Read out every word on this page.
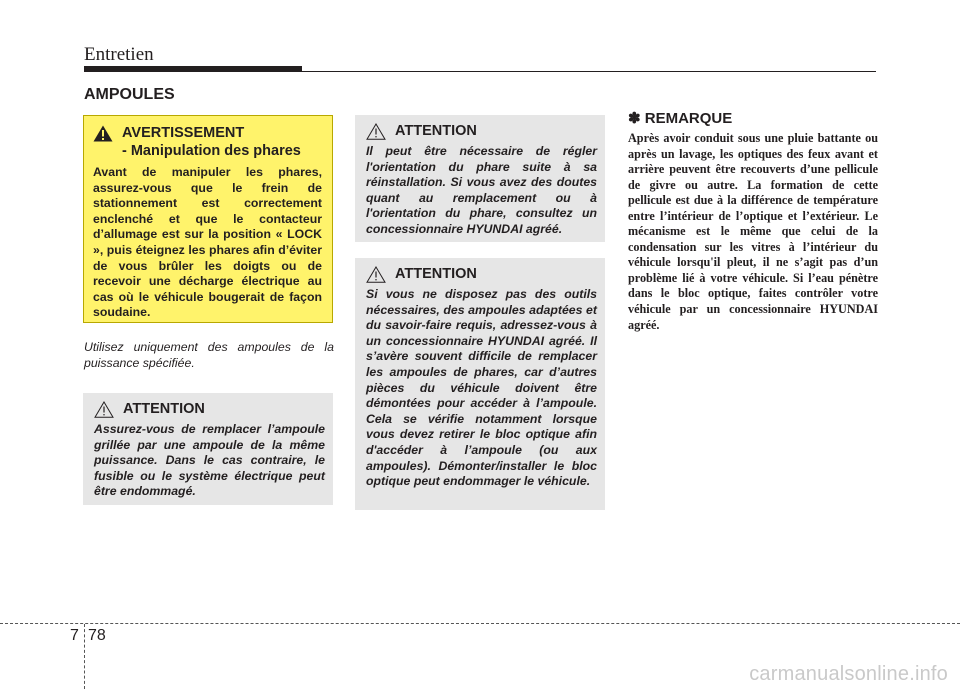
Entretien
AMPOULES
AVERTISSEMENT
- Manipulation des phares
Avant de manipuler les phares, assurez-vous que le frein de stationnement est correctement enclenché et que le contacteur d’allumage est sur la position « LOCK », puis éteignez les phares afin d’éviter de vous brûler les doigts ou de recevoir une décharge électrique au cas où le véhicule bougerait de façon soudaine.
Utilisez uniquement des ampoules de la puissance spécifiée.
ATTENTION
Assurez-vous de remplacer l’ampoule grillée par une ampoule de la même puissance. Dans le cas contraire, le fusible ou le système électrique peut être endommagé.
ATTENTION
Il peut être nécessaire de régler l'orientation du phare suite à sa réinstallation. Si vous avez des doutes quant au remplacement ou à l'orientation du phare, consultez un concessionnaire HYUNDAI agréé.
ATTENTION
Si vous ne disposez pas des outils nécessaires, des ampoules adaptées et du savoir-faire requis, adressez-vous à un concessionnaire HYUNDAI agréé. Il s’avère souvent difficile de remplacer les ampoules de phares, car d’autres pièces du véhicule doivent être démontées pour accéder à l’ampoule. Cela se vérifie notamment lorsque vous devez retirer le bloc optique afin d'accéder à l’ampoule (ou aux ampoules). Démonter/installer le bloc optique peut endommager le véhicule.
✽ REMARQUE
Après avoir conduit sous une pluie battante ou après un lavage, les optiques des feux avant et arrière peuvent être recouverts d’une pellicule de givre ou autre. La formation de cette pellicule est due à la différence de température entre l’intérieur de l’optique et l’extérieur. Le mécanisme est le même que celui de la condensation sur les vitres à l’intérieur du véhicule lorsqu'il pleut, il ne s’agit pas d’un problème lié à votre véhicule. Si l’eau pénètre dans le bloc optique, faites contrôler votre véhicule par un concessionnaire HYUNDAI agréé.
7 78
carmanualsonline.info
